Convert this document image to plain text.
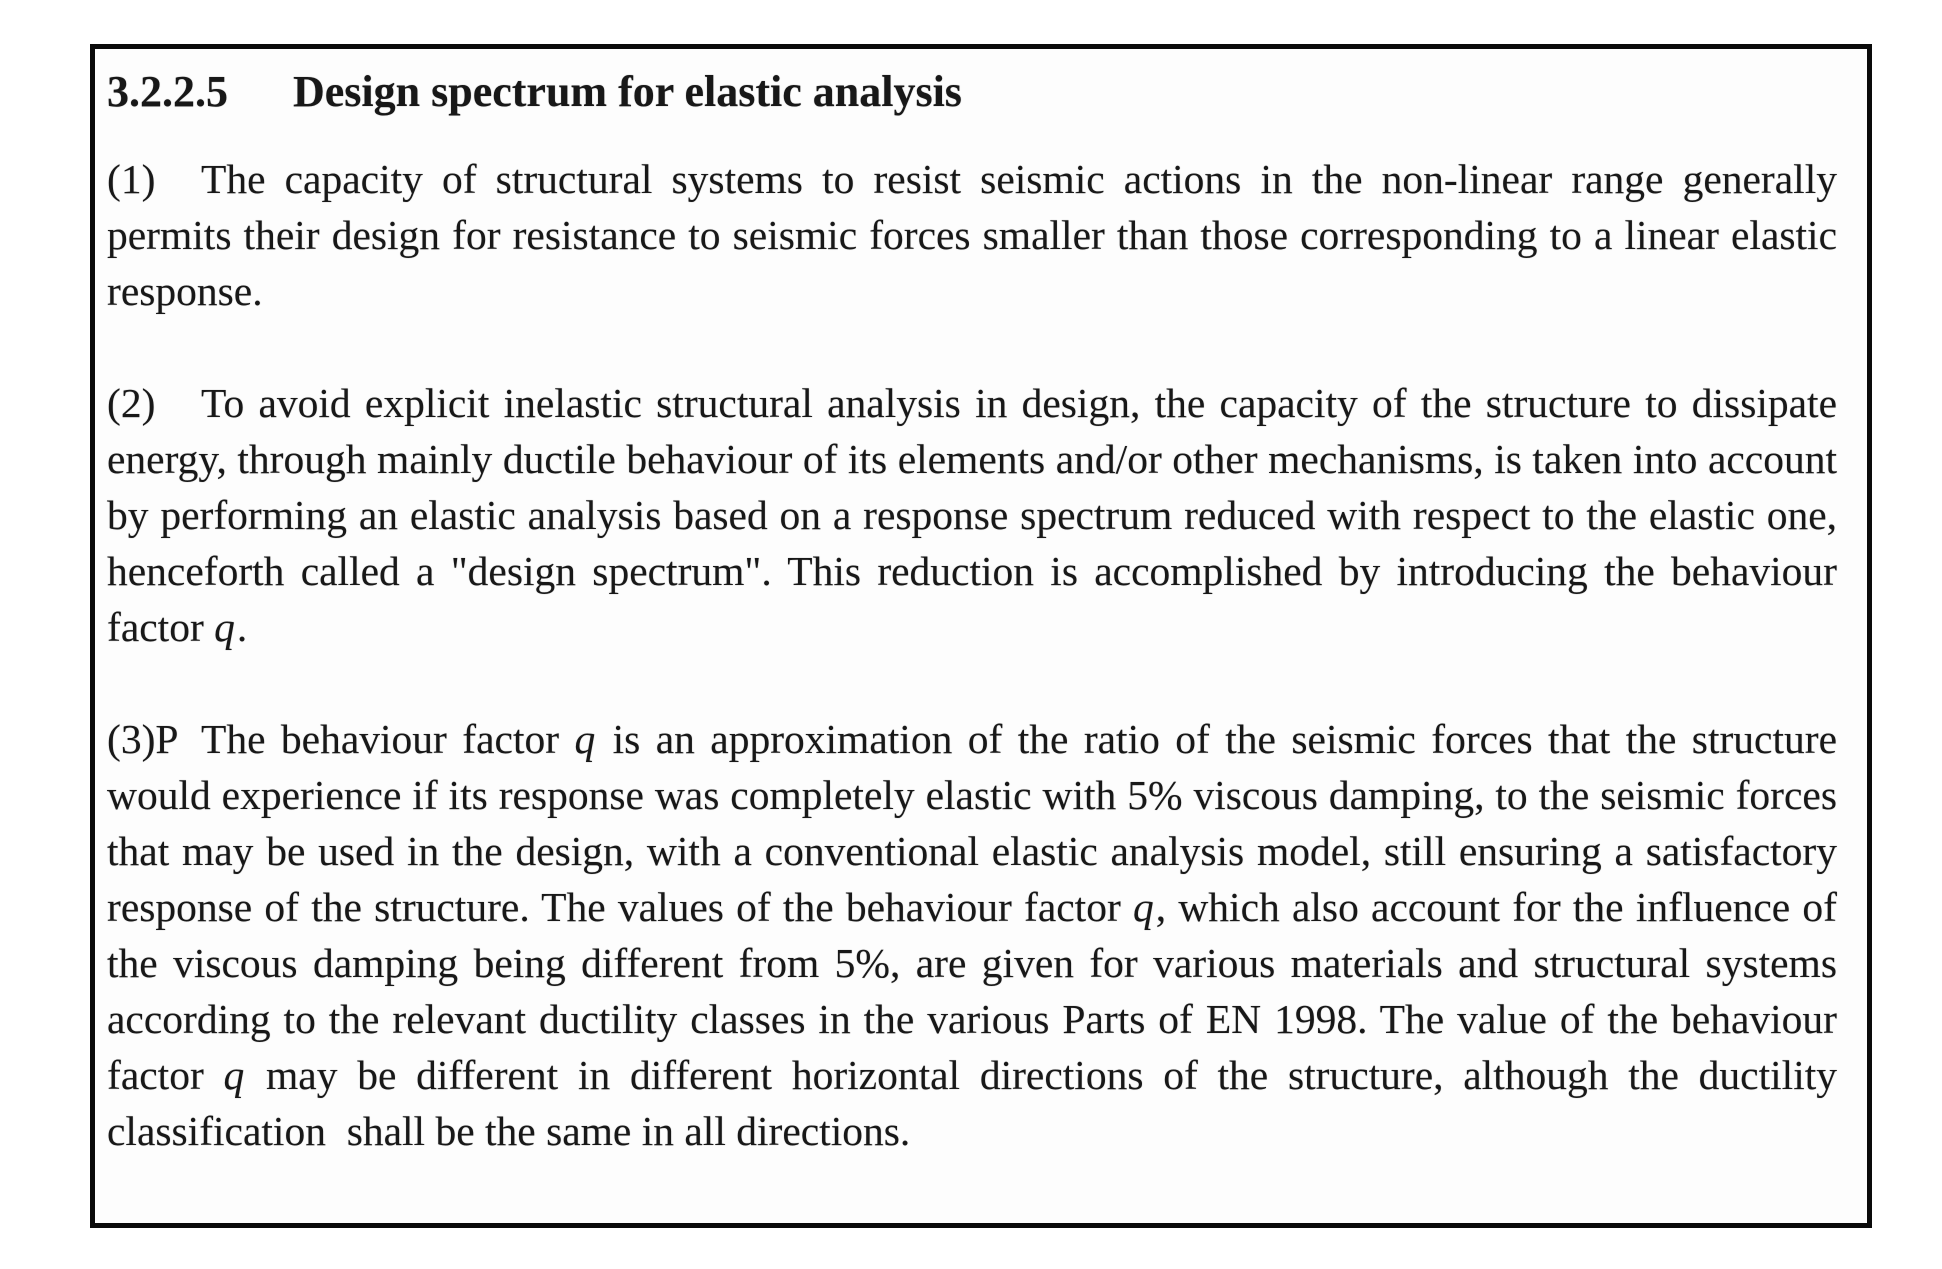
3.2.2.5 Design spectrum for elastic analysis

(1) The capacity of structural systems to resist seismic actions in the non-linear range generally permits their design for resistance to seismic forces smaller than those corresponding to a linear elastic response.

(2) To avoid explicit inelastic structural analysis in design, the capacity of the structure to dissipate energy, through mainly ductile behaviour of its elements and/or other mechanisms, is taken into account by performing an elastic analysis based on a response spectrum reduced with respect to the elastic one, henceforth called a "design spectrum". This reduction is accomplished by introducing the behaviour factor q.

(3)P The behaviour factor q is an approximation of the ratio of the seismic forces that the structure would experience if its response was completely elastic with 5% viscous damping, to the seismic forces that may be used in the design, with a conventional elastic analysis model, still ensuring a satisfactory response of the structure. The values of the behaviour factor q, which also account for the influence of the viscous damping being different from 5%, are given for various materials and structural systems according to the relevant ductility classes in the various Parts of EN 1998. The value of the behaviour factor q may be different in different horizontal directions of the structure, although the ductility classification  shall be the same in all directions.
